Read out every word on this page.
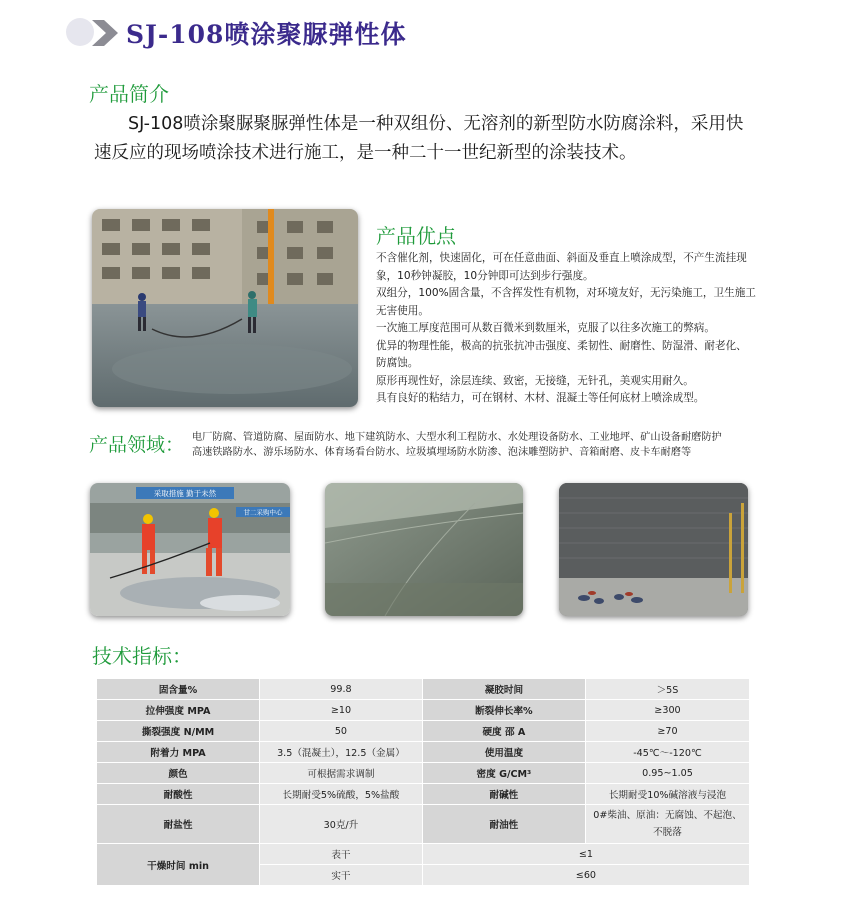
SJ-108喷涂聚脲弹性体
产品简介
SJ-108喷涂聚脲聚脲弹性体是一种双组份、无溶剂的新型防水防腐涂料，采用快速反应的现场喷涂技术进行施工，是一种二十一世纪新型的涂装技术。
产品优点

不含催化剂，快速固化，可在任意曲面、斜面及垂直上喷涂成型，不产生流挂现象，10秒钟凝胶，10分钟即可达到步行强度。

双组分，100%固含量，不含挥发性有机物，对环境友好，无污染施工，卫生施工无害使用。

一次施工厚度范围可从数百微米到数厘米，克服了以往多次施工的弊病。

优异的物理性能，极高的抗张抗冲击强度、柔韧性、耐磨性、防湿滑、耐老化、防腐蚀。

原形再现性好，涂层连续、致密，无接缝，无针孔，美观实用耐久。

具有良好的粘结力，可在钢材、木材、混凝土等任何底材上喷涂成型。

产品领域： 电厂防腐、管道防腐、屋面防水、地下建筑防水、大型水利工程防水、水处理设备防水、工业地坪、矿山设备耐磨防护
高速铁路防水、游乐场防水、体育场看台防水、垃圾填埋场防水防渗、泡沫雕塑防护、音箱耐磨、皮卡车耐磨等
采取措施 勤于未然
甘二采购中心
技术指标：
固含量%	99.8	凝胶时间	＞5S
拉伸强度 MPA	≥10	断裂伸长率%	≥300
撕裂强度 N/MM	50	硬度 邵 A	≥70
附着力 MPA	3.5（混凝土），12.5（金属）	使用温度	-45℃～-120℃
颜色	可根据需求调制	密度 G/CM³	0.95~1.05
耐酸性	长期耐受5%硫酸，5%盐酸	耐碱性	长期耐受10%碱溶液与浸泡
耐盐性	30克/升	耐油性	0#柴油、原油：无腐蚀、不起泡、
不脱落

干燥时间 min	表干	≤1	
	实干	≤60	
